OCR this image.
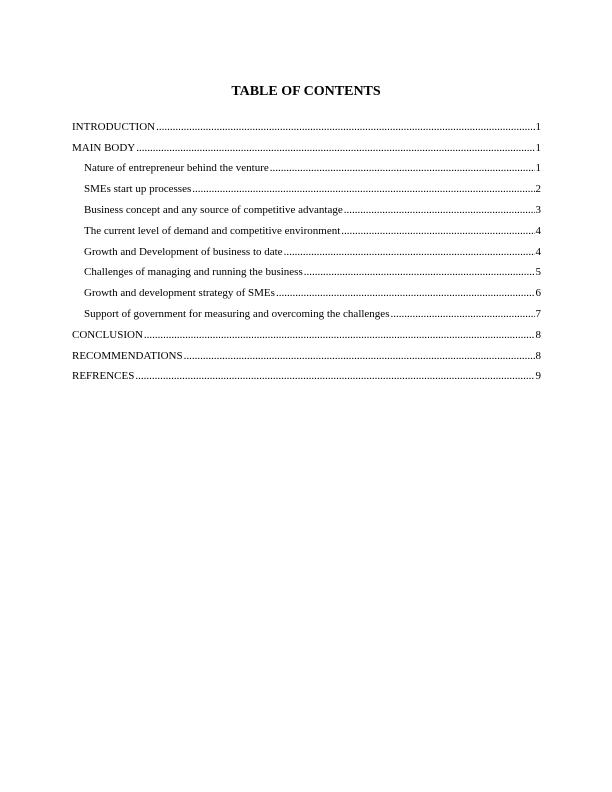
TABLE OF CONTENTS
INTRODUCTION .....	1
MAIN BODY .....	1
Nature of entrepreneur behind the venture .....	1
SMEs start up processes .....	2
Business concept and any source of competitive advantage .....	3
The current level of demand and competitive environment .....	4
Growth and Development of business to date .....	4
Challenges of managing and running the business .....	5
Growth and development strategy of SMEs .....	6
Support of government for measuring and overcoming the challenges .....	7
CONCLUSION .....	8
RECOMMENDATIONS .....	8
REFRENCES .....	9
